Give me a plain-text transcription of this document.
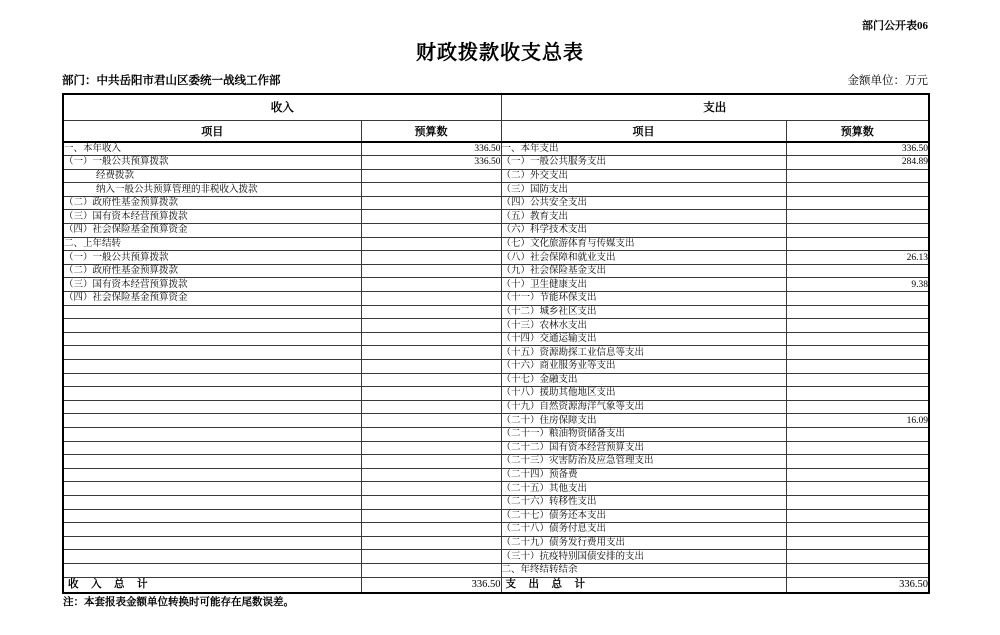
部门公开表06
财政拨款收支总表
部门：中共岳阳市君山区委统一战线工作部	金额单位：万元
收入		支出	
项目	预算数	项目	预算数
一、本年收入	336.50	一、本年支出	336.50
（一）一般公共预算拨款	336.50	（一）一般公共服务支出	284.89
经费拨款		（二）外交支出	
纳入一般公共预算管理的非税收入拨款		（三）国防支出	
（二）政府性基金预算拨款		（四）公共安全支出	
（三）国有资本经营预算拨款		（五）教育支出	
（四）社会保险基金预算资金		（六）科学技术支出	
二、上年结转		（七）文化旅游体育与传媒支出	
（一）一般公共预算拨款		（八）社会保障和就业支出	26.13
（二）政府性基金预算拨款		（九）社会保险基金支出	
（三）国有资本经营预算拨款		（十）卫生健康支出	9.38
（四）社会保险基金预算资金		（十一）节能环保支出	
		（十二）城乡社区支出	
		（十三）农林水支出	
		（十四）交通运输支出	
		（十五）资源勘探工业信息等支出	
		（十六）商业服务业等支出	
		（十七）金融支出	
		（十八）援助其他地区支出	
		（十九）自然资源海洋气象等支出	
		（二十）住房保障支出	16.09
		（二十一）粮油物资储备支出	
		（二十二）国有资本经营预算支出	
		（二十三）灾害防治及应急管理支出	
		（二十四）预备费	
		（二十五）其他支出	
		（二十六）转移性支出	
		（二十七）债务还本支出	
		（二十八）债务付息支出	
		（二十九）债务发行费用支出	
		（三十）抗疫特别国债安排的支出	
		二、年终结转结余	
收　入　总　计	336.50	支　出　总　计	336.50
注：本套报表金额单位转换时可能存在尾数误差。
